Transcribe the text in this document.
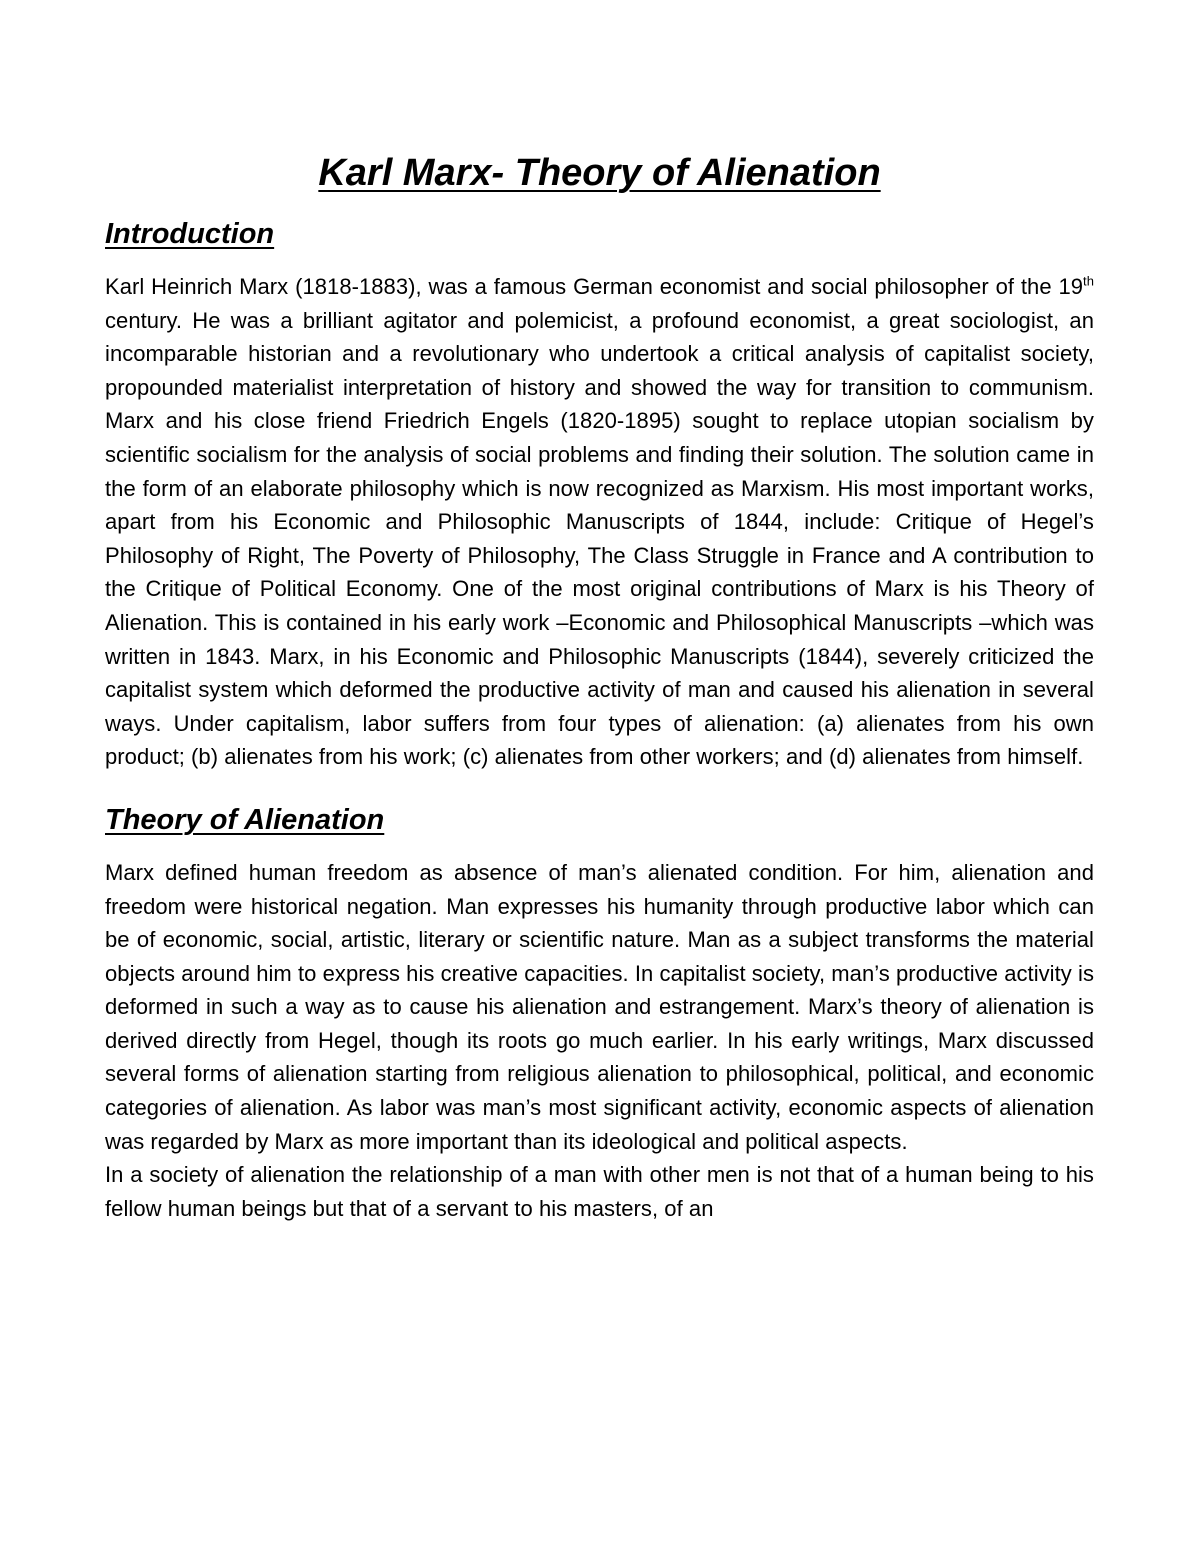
Karl Marx- Theory of Alienation
Introduction

Karl Heinrich Marx (1818-1883), was a famous German economist and social philosopher of the 19th century. He was a brilliant agitator and polemicist, a profound economist, a great sociologist, an incomparable historian and a revolutionary who undertook a critical analysis of capitalist society, propounded materialist interpretation of history and showed the way for transition to communism. Marx and his close friend Friedrich Engels (1820-1895) sought to replace utopian socialism by scientific socialism for the analysis of social problems and finding their solution. The solution came in the form of an elaborate philosophy which is now recognized as Marxism. His most important works, apart from his Economic and Philosophic Manuscripts of 1844, include: Critique of Hegel’s Philosophy of Right, The Poverty of Philosophy, The Class Struggle in France and A contribution to the Critique of Political Economy. One of the most original contributions of Marx is his Theory of Alienation. This is contained in his early work –Economic and Philosophical Manuscripts –which was written in 1843. Marx, in his Economic and Philosophic Manuscripts (1844), severely criticized the capitalist system which deformed the productive activity of man and caused his alienation in several ways. Under capitalism, labor suffers from four types of alienation: (a) alienates from his own product; (b) alienates from his work; (c) alienates from other workers; and (d) alienates from himself.

Theory of Alienation

Marx defined human freedom as absence of man’s alienated condition. For him, alienation and freedom were historical negation. Man expresses his humanity through productive labor which can be of economic, social, artistic, literary or scientific nature. Man as a subject transforms the material objects around him to express his creative capacities. In capitalist society, man’s productive activity is deformed in such a way as to cause his alienation and estrangement. Marx’s theory of alienation is derived directly from Hegel, though its roots go much earlier. In his early writings, Marx discussed several forms of alienation starting from religious alienation to philosophical, political, and economic categories of alienation. As labor was man’s most significant activity, economic aspects of alienation was regarded by Marx as more important than its ideological and political aspects.

In a society of alienation the relationship of a man with other men is not that of a human being to his fellow human beings but that of a servant to his masters, of an
